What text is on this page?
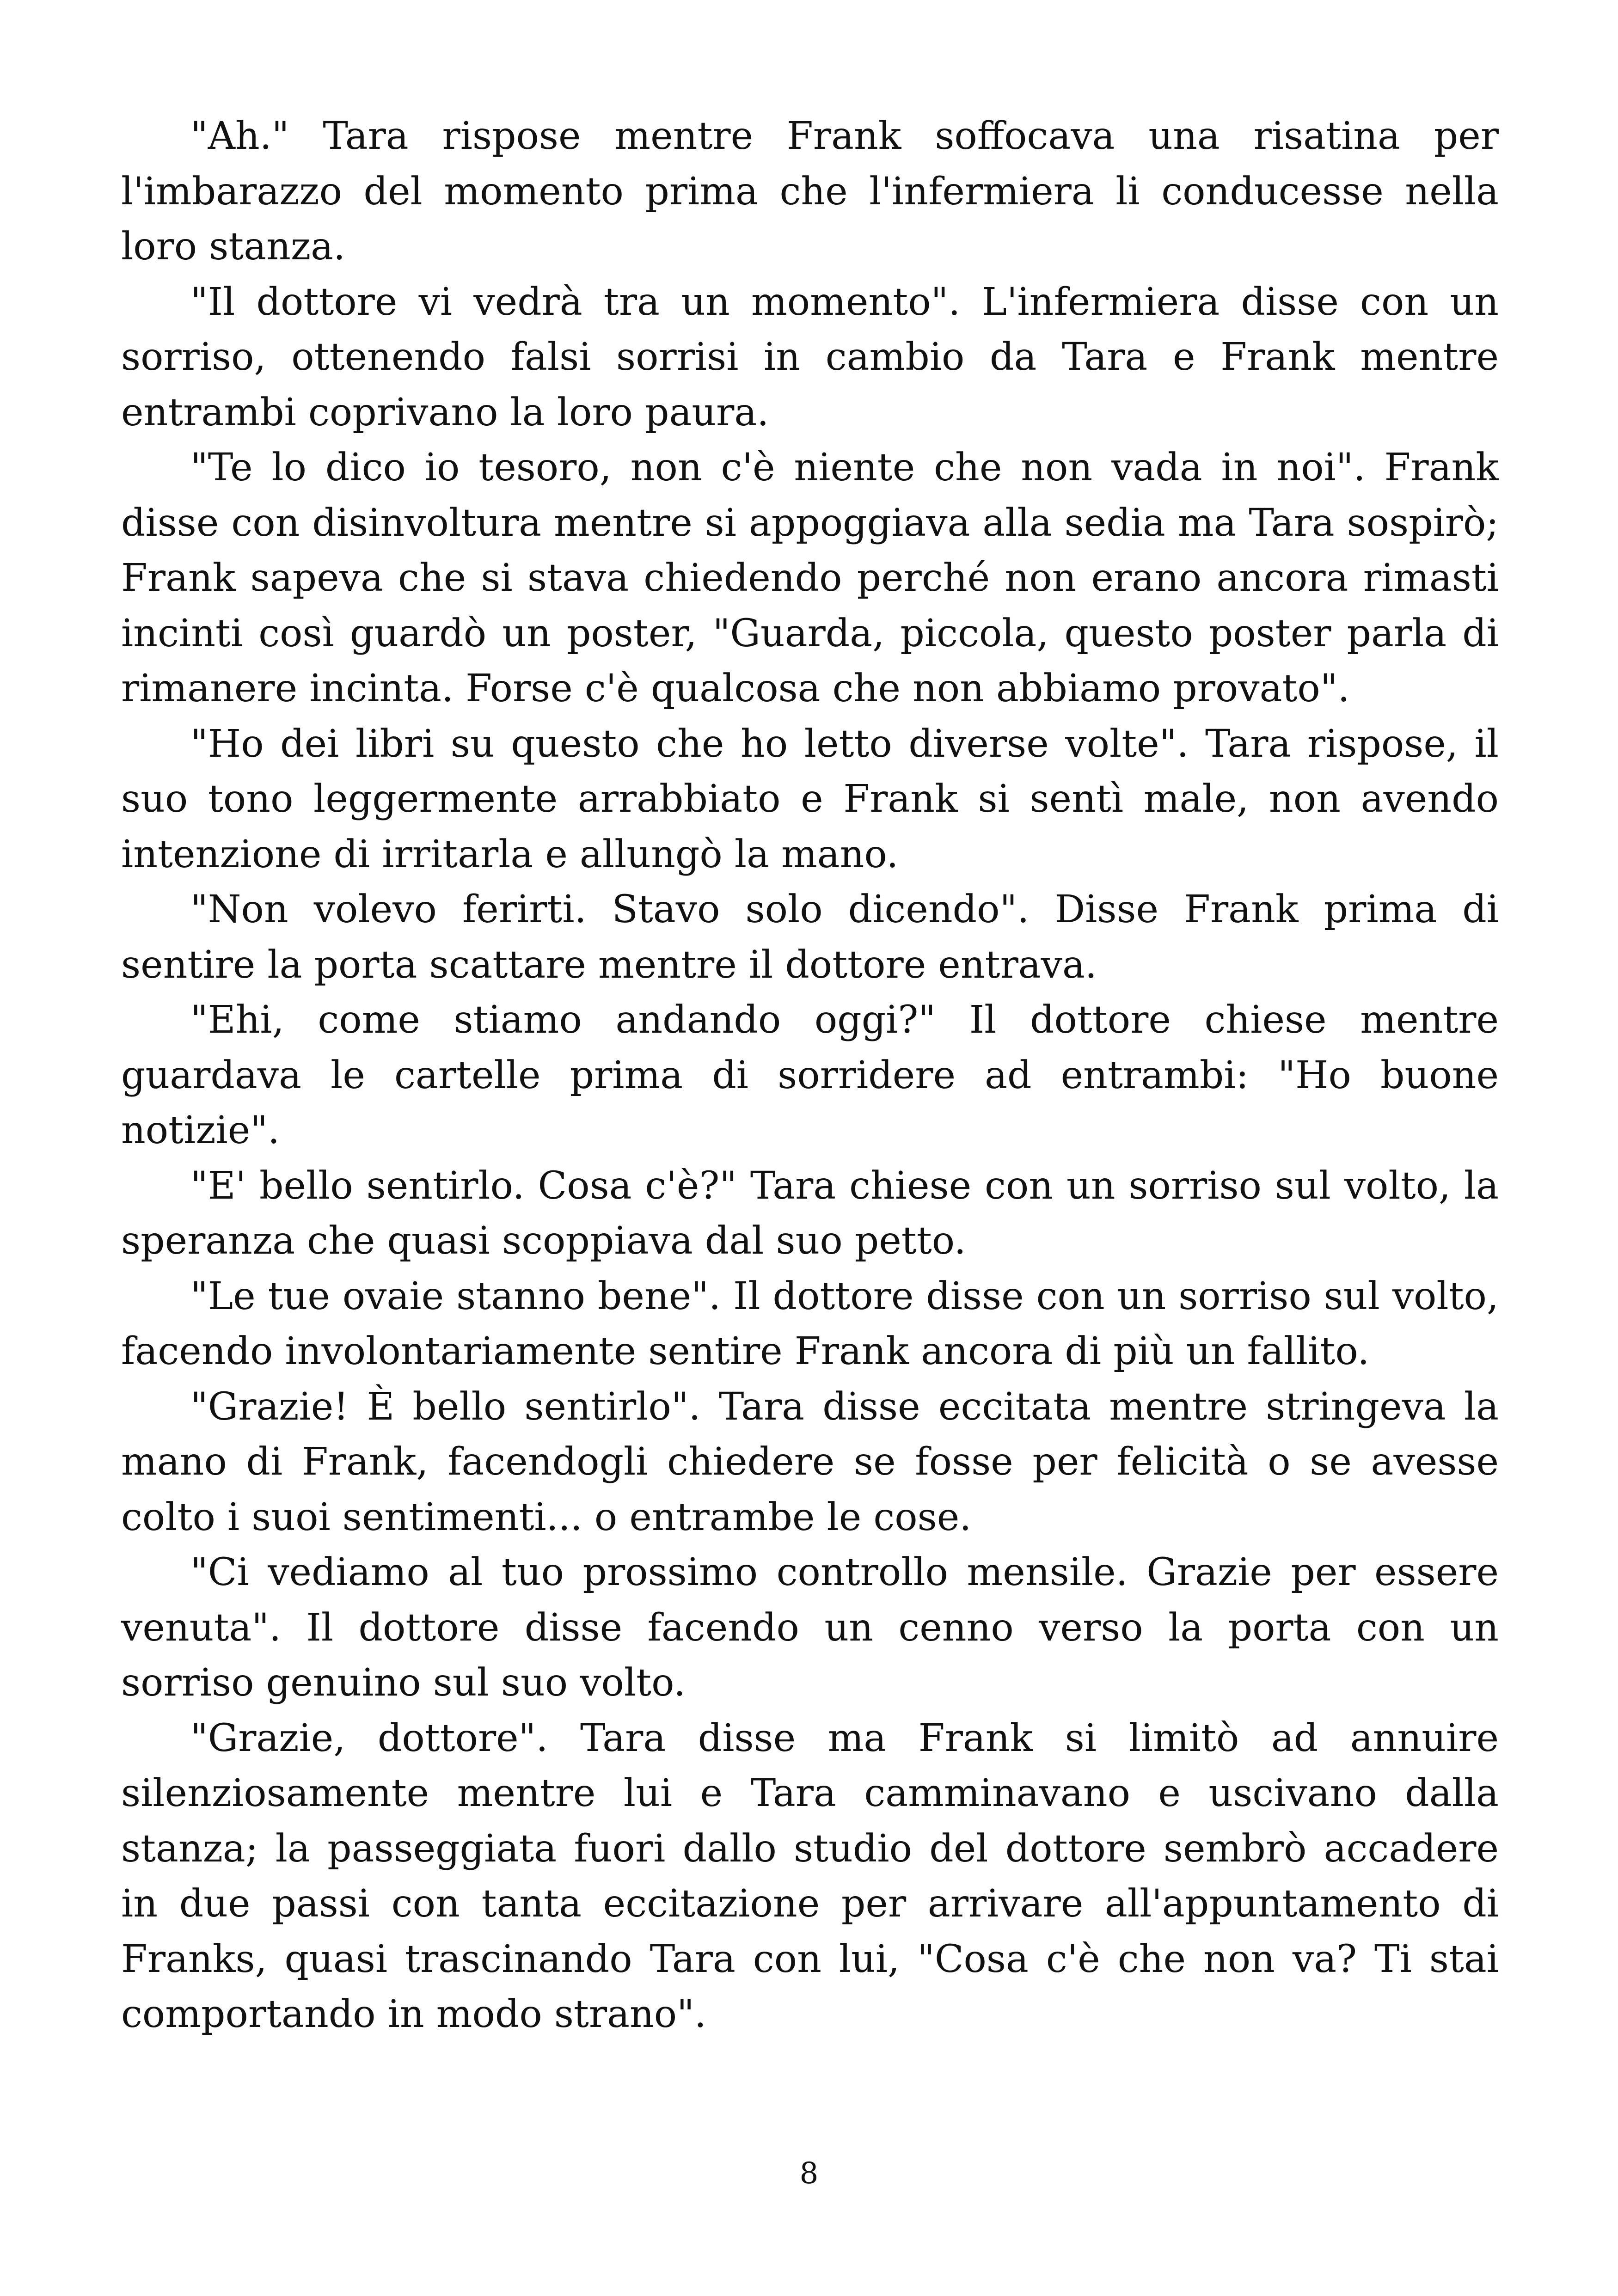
"Ah." Tara rispose mentre Frank soffocava una risatina per l'imbarazzo del momento prima che l'infermiera li conducesse nella loro stanza.

"Il dottore vi vedrà tra un momento". L'infermiera disse con un sorriso, ottenendo falsi sorrisi in cambio da Tara e Frank mentre entrambi coprivano la loro paura.

"Te lo dico io tesoro, non c'è niente che non vada in noi". Frank disse con disinvoltura mentre si appoggiava alla sedia ma Tara sospirò; Frank sapeva che si stava chiedendo perché non erano ancora rimasti incinti così guardò un poster, "Guarda, piccola, questo poster parla di rimanere incinta. Forse c'è qualcosa che non abbiamo provato".

"Ho dei libri su questo che ho letto diverse volte". Tara rispose, il suo tono leggermente arrabbiato e Frank si sentì male, non avendo intenzione di irritarla e allungò la mano.

"Non volevo ferirti. Stavo solo dicendo". Disse Frank prima di sentire la porta scattare mentre il dottore entrava.

"Ehi, come stiamo andando oggi?" Il dottore chiese mentre guardava le cartelle prima di sorridere ad entrambi: "Ho buone notizie".

"E' bello sentirlo. Cosa c'è?" Tara chiese con un sorriso sul volto, la speranza che quasi scoppiava dal suo petto.

"Le tue ovaie stanno bene". Il dottore disse con un sorriso sul volto, facendo involontariamente sentire Frank ancora di più un fallito.

"Grazie! È bello sentirlo". Tara disse eccitata mentre stringeva la mano di Frank, facendogli chiedere se fosse per felicità o se avesse colto i suoi sentimenti... o entrambe le cose.

"Ci vediamo al tuo prossimo controllo mensile. Grazie per essere venuta". Il dottore disse facendo un cenno verso la porta con un sorriso genuino sul suo volto.

"Grazie, dottore". Tara disse ma Frank si limitò ad annuire silenziosamente mentre lui e Tara camminavano e uscivano dalla stanza; la passeggiata fuori dallo studio del dottore sembrò accadere in due passi con tanta eccitazione per arrivare all'appuntamento di Franks, quasi trascinando Tara con lui, "Cosa c'è che non va? Ti stai comportando in modo strano".

8
